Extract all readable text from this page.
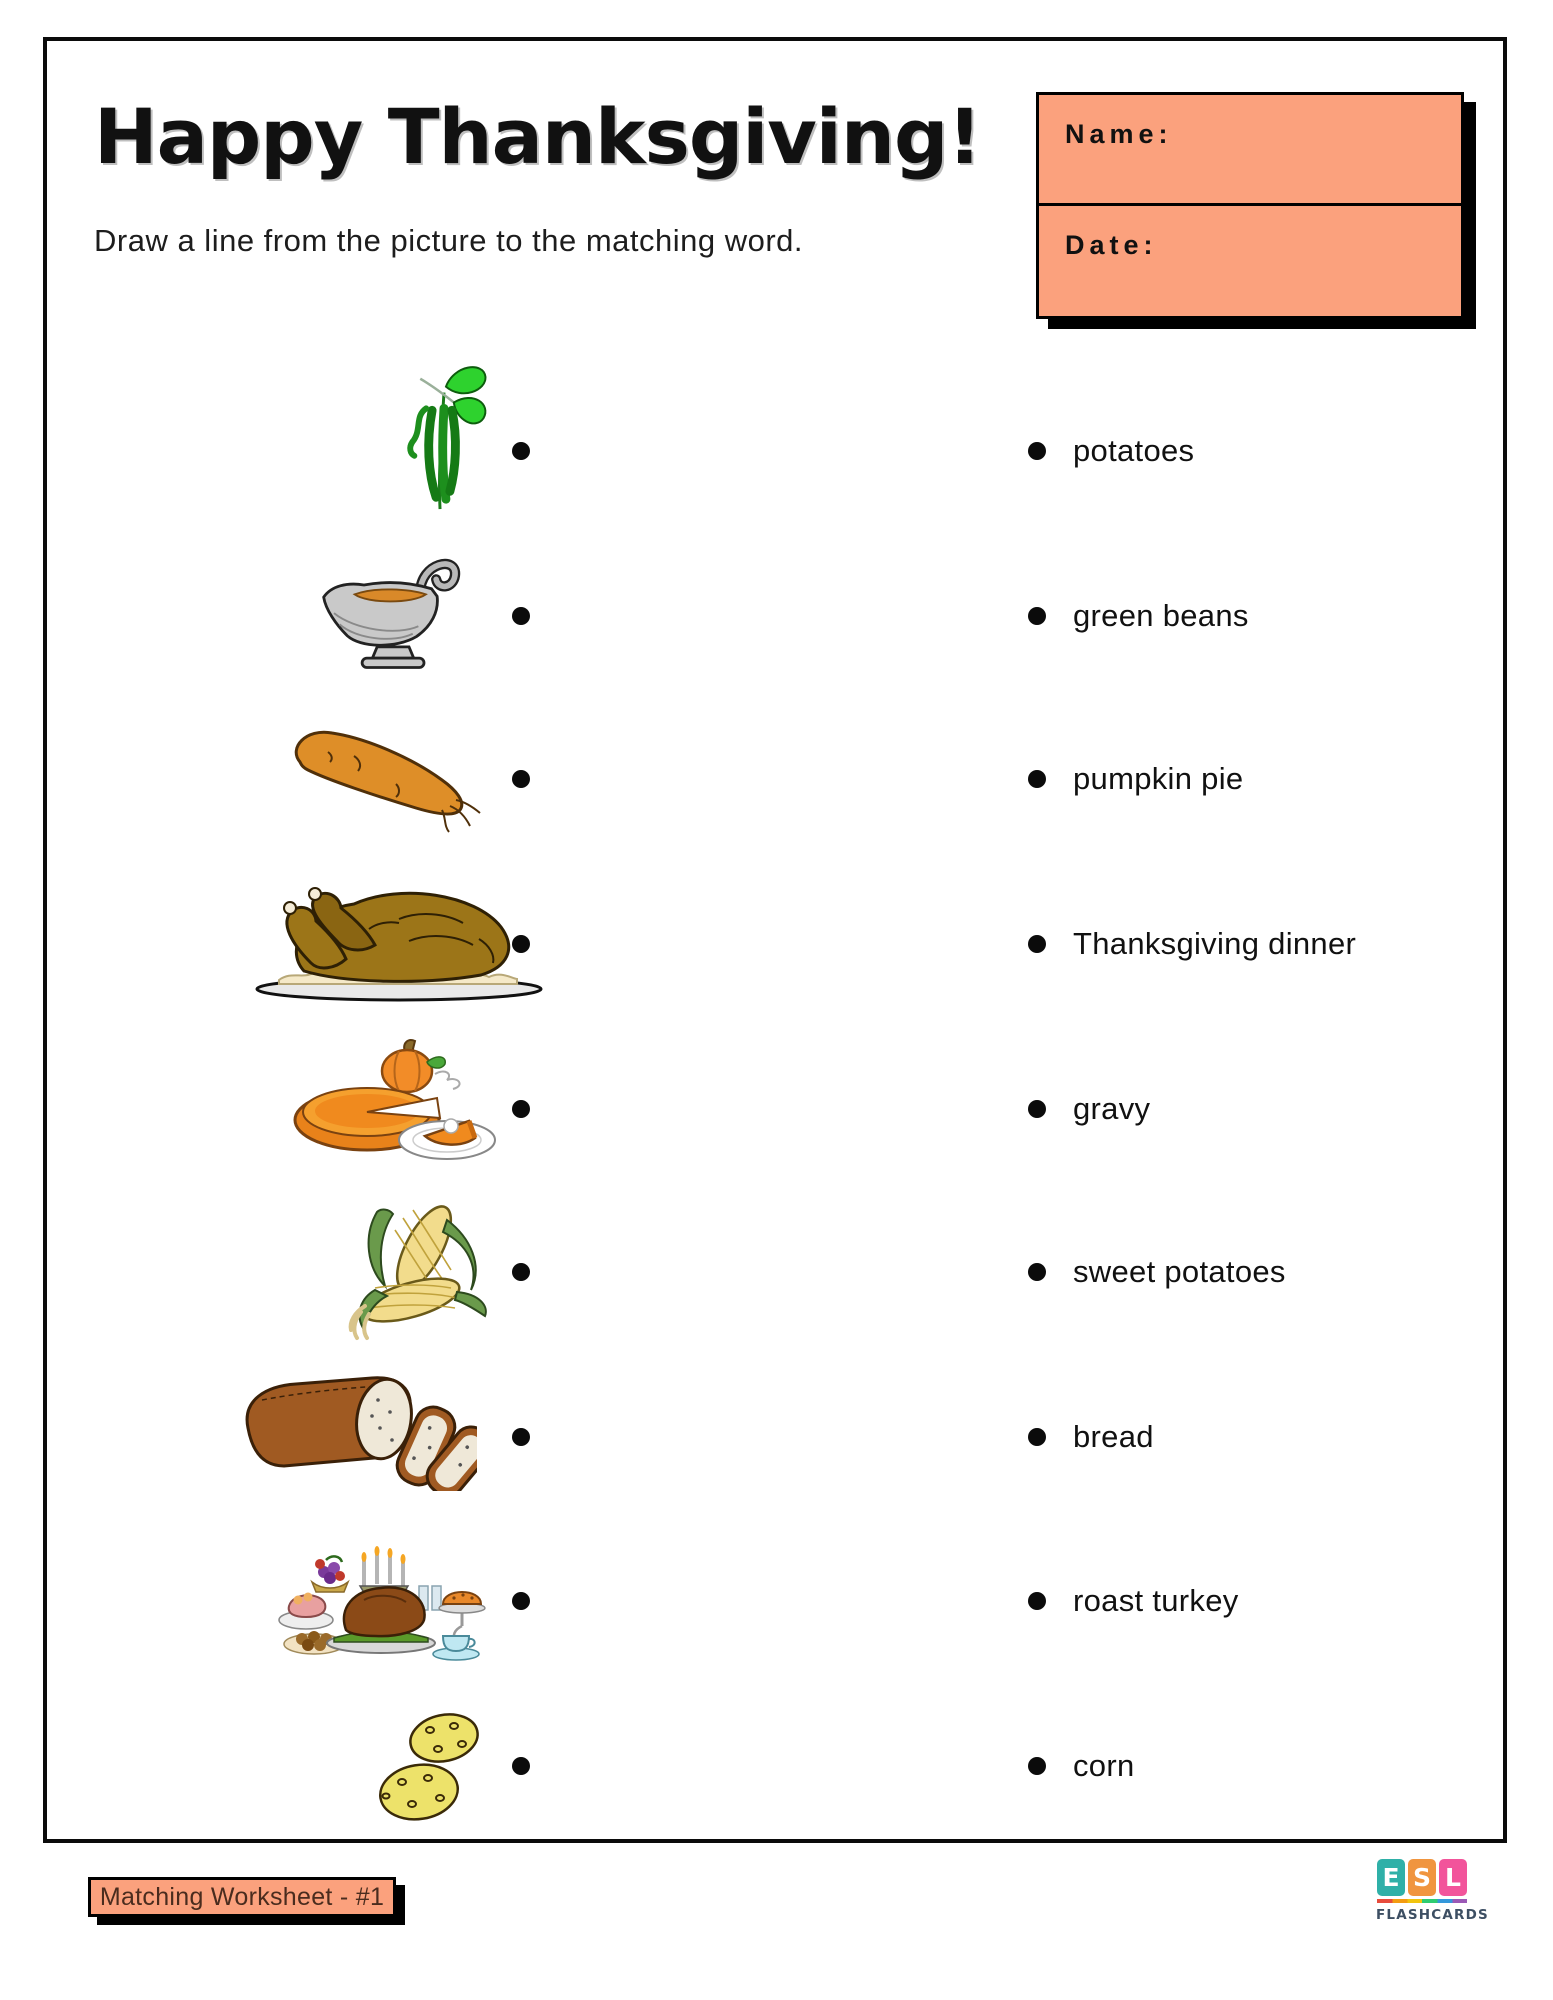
Happy Thanksgiving!

Draw a line from the picture to the matching word.

Name:
Date:
potatoes
green beans
pumpkin pie
Thanksgiving dinner
gravy
sweet potatoes
bread
roast turkey
corn
Matching Worksheet - #1
E S L
FLASHCARDS
